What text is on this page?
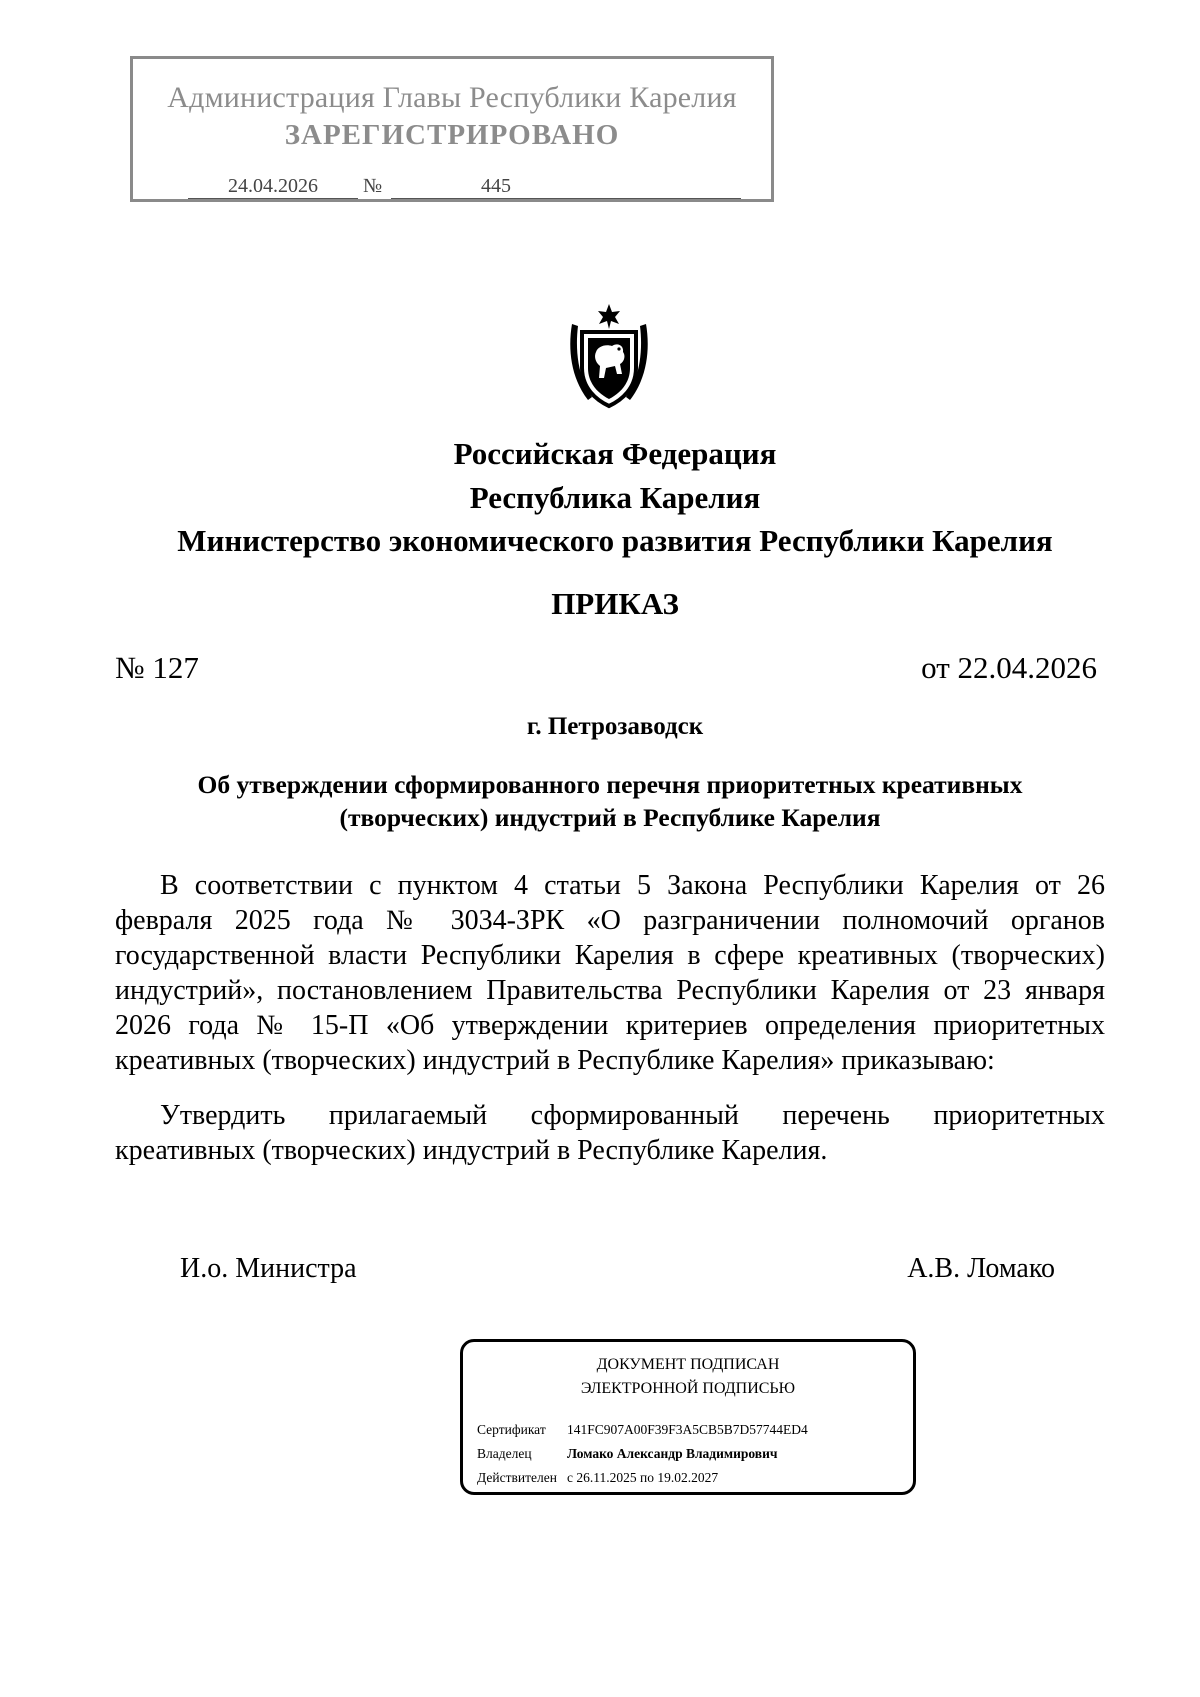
Администрация Главы Республики Карелия
ЗАРЕГИСТРИРОВАНО
24.04.2026	№	445
Российская Федерация
Республика Карелия
Министерство экономического развития Республики Карелия
ПРИКАЗ
№ 127	от 22.04.2026
г. Петрозаводск
Об утверждении сформированного перечня приоритетных креативных
(творческих) индустрий в Республике Карелия
В соответствии с пунктом 4 статьи 5 Закона Республики Карелия от 26 февраля 2025 года № 3034-ЗРК «О разграничении полномочий органов государственной власти Республики Карелия в сфере креативных (творческих) индустрий», постановлением Правительства Республики Карелия от 23 января 2026 года № 15-П «Об утверждении критериев определения приоритетных креативных (творческих) индустрий в Республике Карелия» приказываю:
Утвердить прилагаемый сформированный перечень приоритетных креативных (творческих) индустрий в Республике Карелия.
И.о. Министра	А.В. Ломако
ДОКУМЕНТ ПОДПИСАН
ЭЛЕКТРОННОЙ ПОДПИСЬЮ
Сертификат 141FC907A00F39F3A5CB5B7D57744ED4
Владелец	Ломако Александр Владимирович
Действителен с 26.11.2025 по 19.02.2027
